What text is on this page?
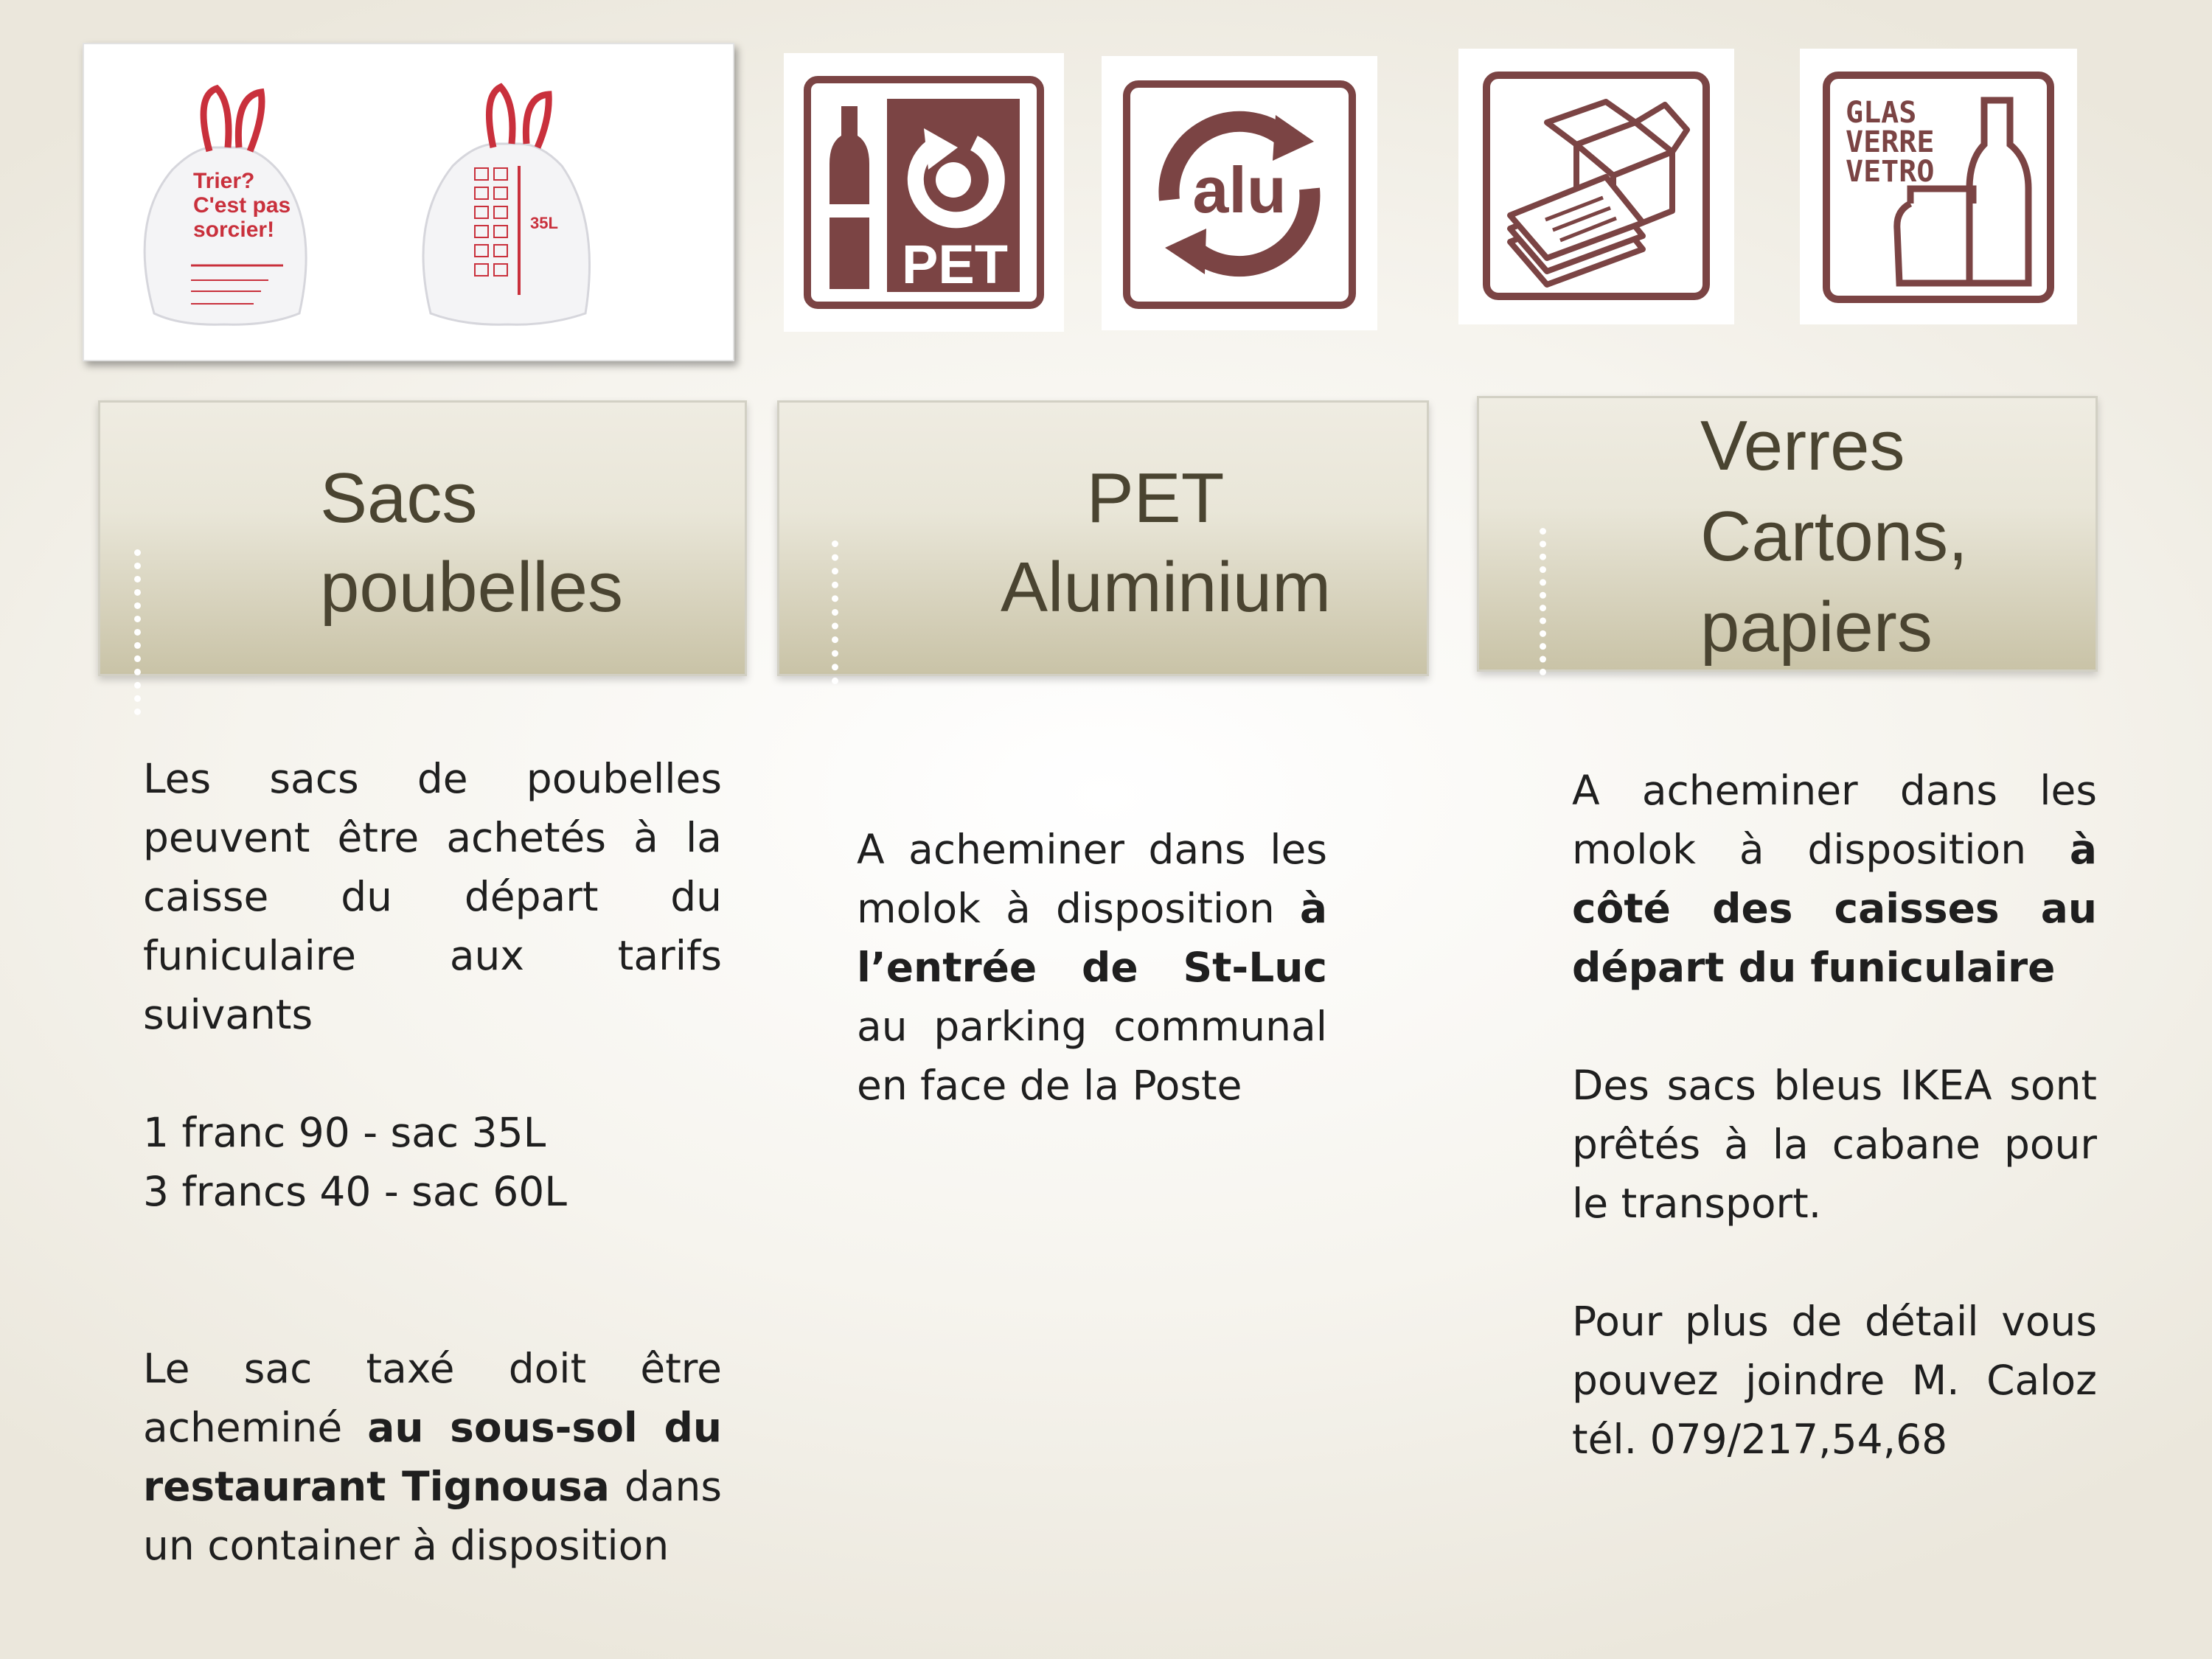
Trier?
C'est pas
sorcier!	35L
PET
alu
GLAS
VERRE
VETRO
Sacs
poubelles
PET
Aluminium
Verres
Cartons,
papiers

Les sacs de poubelles peuvent être achetés à la caisse du départ du funiculaire aux tarifs suivants

1 franc 90 - sac 35L

3 francs 40 - sac 60L

Le sac taxé doit être acheminé au sous-sol du restaurant Tignousa dans un container à disposition

A acheminer dans les molok à disposition à l’entrée de St-Luc au parking communal en face de la Poste

A acheminer dans les molok à disposition à côté des caisses au départ du funiculaire

Des sacs bleus IKEA sont prêtés à la cabane pour le transport.

Pour plus de détail vous pouvez joindre M. Caloz tél. 079/217,54,68
